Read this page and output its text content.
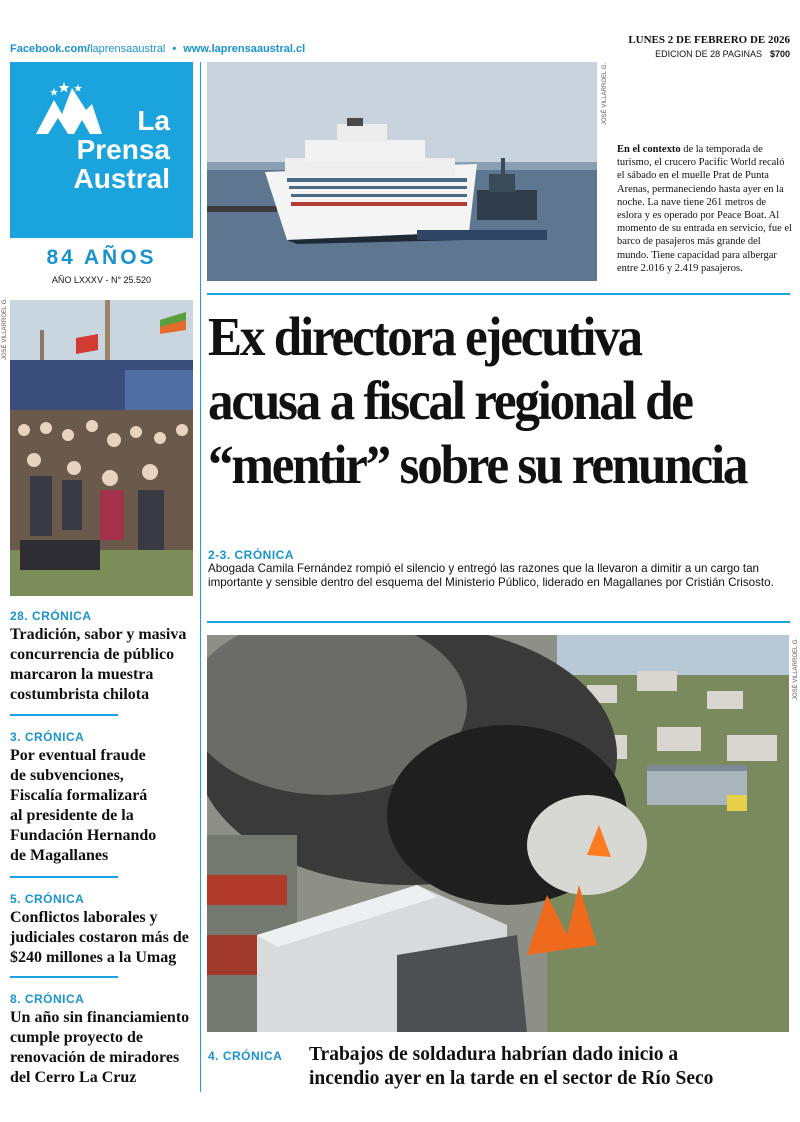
Facebook.com/laprensaaustral • www.laprensaaustral.cl
LUNES 2 DE FEBRERO DE 2026
EDICION DE 28 PAGINAS $700
La
Prensa
Austral
84 AÑOS
AÑO LXXXV - N° 25.520
JOSÉ VILLARROEL G.
28. CRÓNICA
Tradición, sabor y masiva
concurrencia de público
marcaron la muestra
costumbrista chilota
3. CRÓNICA
Por eventual fraude
de subvenciones,
Fiscalía formalizará
al presidente de la
Fundación Hernando
de Magallanes
5. CRÓNICA
Conflictos laborales y
judiciales costaron más de
$240 millones a la Umag
8. CRÓNICA
Un año sin financiamiento
cumple proyecto de
renovación de miradores
del Cerro La Cruz
JOSÉ VILLARROEL G.
En el contexto de la temporada de turismo, el crucero Pacific World recaló el sábado en el muelle Prat de Punta Arenas, permaneciendo hasta ayer en la noche. La nave tiene 261 metros de eslora y es operado por Peace Boat. Al momento de su entrada en servicio, fue el barco de pasajeros más grande del mundo. Tiene capacidad para albergar entre 2.016 y 2.419 pasajeros.
Ex directora ejecutiva
acusa a fiscal regional de
“mentir” sobre su renuncia
2-3. CRÓNICA
Abogada Camila Fernández rompió el silencio y entregó las razones que la llevaron a dimitir a un cargo tan importante y sensible dentro del esquema del Ministerio Público, liderado en Magallanes por Cristián Crisosto.
JOSÉ VILLARROEL G.
4. CRÓNICA Trabajos de soldadura habrían dado inicio a
incendio ayer en la tarde en el sector de Río Seco
